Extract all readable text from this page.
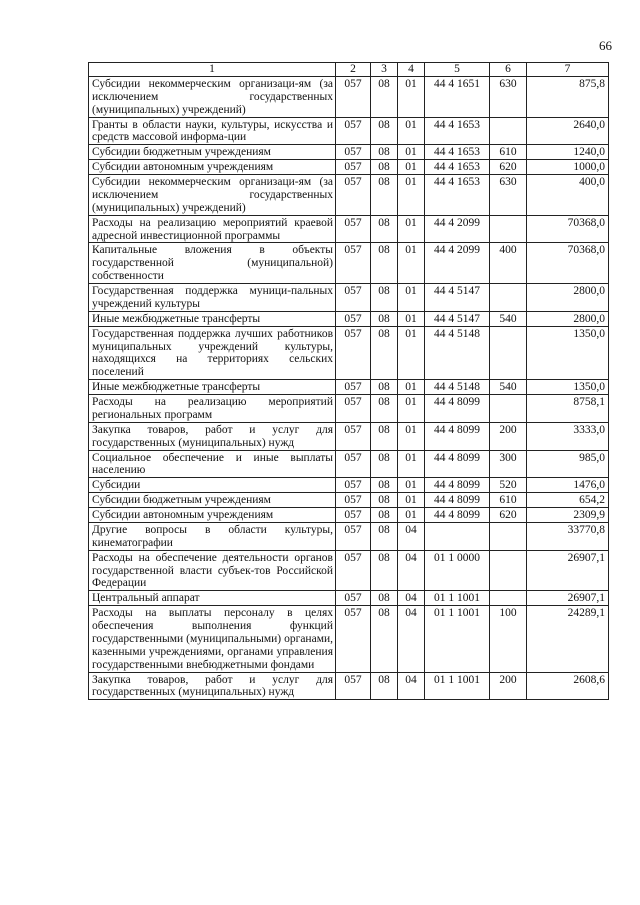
66
1	2	3	4	5	6	7
Субсидии некоммерческим организаци-ям (за исключением государственных (муниципальных) учреждений)	057	08	01	44 4 1651	630	875,8
Гранты в области науки, культуры, искусства и средств массовой информа-ции	057	08	01	44 4 1653		2640,0
Субсидии бюджетным учреждениям	057	08	01	44 4 1653	610	1240,0
Субсидии автономным учреждениям	057	08	01	44 4 1653	620	1000,0
Субсидии некоммерческим организаци-ям (за исключением государственных (муниципальных) учреждений)	057	08	01	44 4 1653	630	400,0
Расходы на реализацию мероприятий краевой адресной инвестиционной программы	057	08	01	44 4 2099		70368,0
Капитальные вложения в объекты государственной (муниципальной) собственности	057	08	01	44 4 2099	400	70368,0
Государственная поддержка муници-пальных учреждений культуры	057	08	01	44 4 5147		2800,0
Иные межбюджетные трансферты	057	08	01	44 4 5147	540	2800,0
Государственная поддержка лучших работников муниципальных учреждений культуры, находящихся на территориях сельских поселений	057	08	01	44 4 5148		1350,0
Иные межбюджетные трансферты	057	08	01	44 4 5148	540	1350,0
Расходы на реализацию мероприятий региональных программ	057	08	01	44 4 8099		8758,1
Закупка товаров, работ и услуг для государственных (муниципальных) нужд	057	08	01	44 4 8099	200	3333,0
Социальное обеспечение и иные выплаты населению	057	08	01	44 4 8099	300	985,0
Субсидии	057	08	01	44 4 8099	520	1476,0
Субсидии бюджетным учреждениям	057	08	01	44 4 8099	610	654,2
Субсидии автономным учреждениям	057	08	01	44 4 8099	620	2309,9
Другие вопросы в области культуры, кинематографии	057	08	04			33770,8
Расходы на обеспечение деятельности органов государственной власти субъек-тов Российской Федерации	057	08	04	01 1 0000		26907,1
Центральный аппарат	057	08	04	01 1 1001		26907,1
Расходы на выплаты персоналу в целях обеспечения выполнения функций государственными (муниципальными) органами, казенными учреждениями, органами управления государственными внебюджетными фондами	057	08	04	01 1 1001	100	24289,1
Закупка товаров, работ и услуг для государственных (муниципальных) нужд	057	08	04	01 1 1001	200	2608,6
